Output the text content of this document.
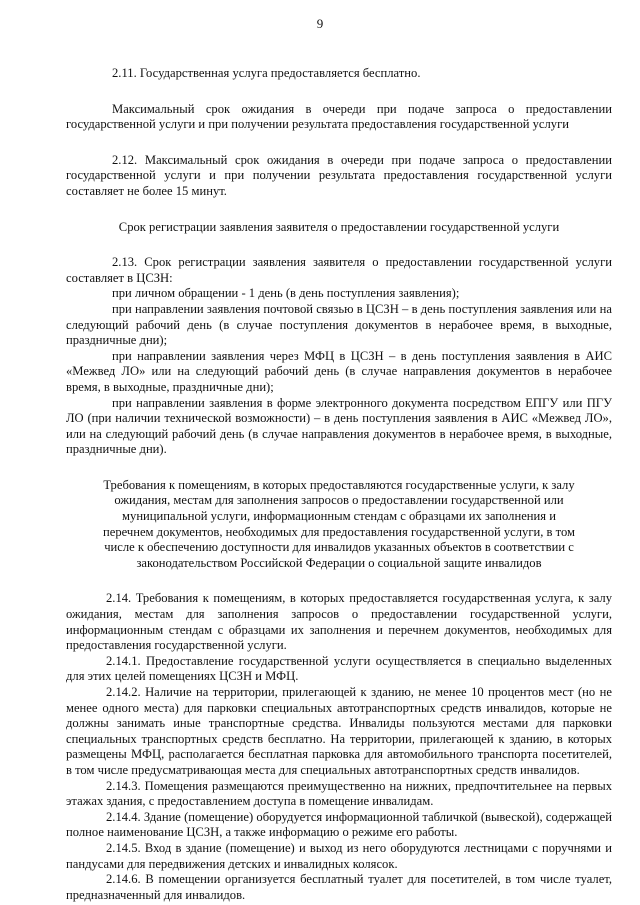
9

2.11. Государственная услуга предоставляется бесплатно.

Максимальный срок ожидания в очереди при подаче запроса о предоставлении государственной услуги и при получении результата предоставления государственной услуги

2.12. Максимальный срок ожидания в очереди при подаче запроса о предоставлении государственной услуги и при получении результата предоставления государственной услуги составляет не более 15 минут.

Срок регистрации заявления заявителя о предоставлении государственной услуги

2.13. Срок регистрации заявления заявителя о предоставлении государственной услуги составляет в ЦСЗН:

при личном обращении - 1 день (в день поступления заявления);

при направлении заявления почтовой связью в ЦСЗН – в день поступления заявления или на следующий рабочий день (в случае поступления документов в нерабочее время, в выходные, праздничные дни);

при направлении заявления через МФЦ в ЦСЗН – в день поступления заявления в АИС «Межвед ЛО» или на следующий рабочий день (в случае направления документов в нерабочее время, в выходные, праздничные дни);

при направлении заявления в форме электронного документа посредством ЕПГУ или ПГУ ЛО (при наличии технической возможности) – в день поступления заявления в АИС «Межвед ЛО», или на следующий рабочий день (в случае направления документов в нерабочее время, в выходные, праздничные дни).

Требования к помещениям, в которых предоставляются государственные услуги, к залу ожидания, местам для заполнения запросов о предоставлении государственной или муниципальной услуги, информационным стендам с образцами их заполнения и перечнем документов, необходимых для предоставления государственной услуги, в том числе к обеспечению доступности для инвалидов указанных объектов в соответствии с законодательством Российской Федерации о социальной защите инвалидов

2.14. Требования к помещениям, в которых предоставляется государственная услуга, к залу ожидания, местам для заполнения запросов о предоставлении государственной услуги, информационным стендам с образцами их заполнения и перечнем документов, необходимых для предоставления государственной услуги.

2.14.1. Предоставление государственной услуги осуществляется в специально выделенных для этих целей помещениях ЦСЗН и МФЦ.

2.14.2. Наличие на территории, прилегающей к зданию, не менее 10 процентов мест (но не менее одного места) для парковки специальных автотранспортных средств инвалидов, которые не должны занимать иные транспортные средства. Инвалиды пользуются местами для парковки специальных транспортных средств бесплатно. На территории, прилегающей к зданию, в которых размещены МФЦ, располагается бесплатная парковка для автомобильного транспорта посетителей, в том числе предусматривающая места для специальных автотранспортных средств инвалидов.

2.14.3. Помещения размещаются преимущественно на нижних, предпочтительнее на первых этажах здания, с предоставлением доступа в помещение инвалидам.

2.14.4. Здание (помещение) оборудуется информационной табличкой (вывеской), содержащей полное наименование ЦСЗН, а также информацию о режиме его работы.

2.14.5. Вход в здание (помещение) и выход из него оборудуются лестницами с поручнями и пандусами для передвижения детских и инвалидных колясок.

2.14.6. В помещении организуется бесплатный туалет для посетителей, в том числе туалет, предназначенный для инвалидов.
